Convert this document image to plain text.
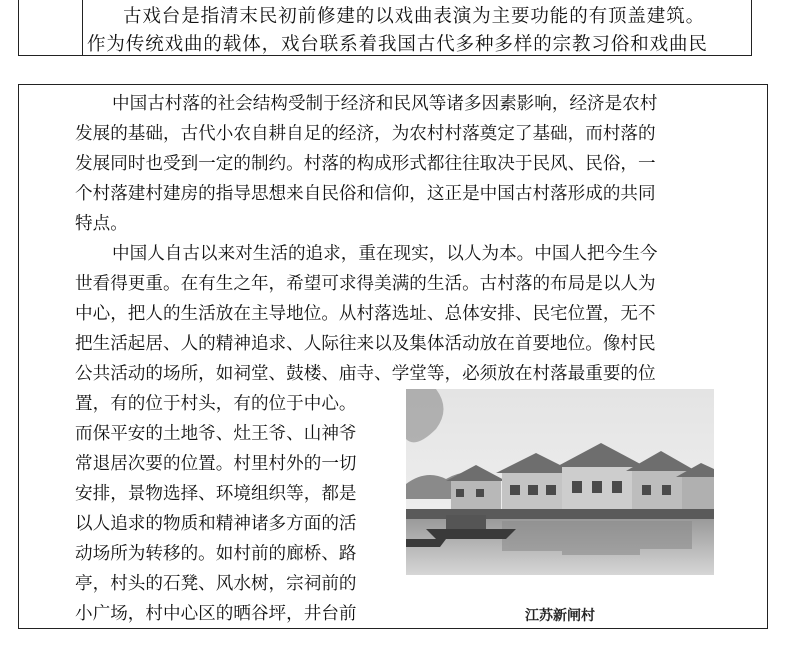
古戏台是指清末民初前修建的以戏曲表演为主要功能的有顶盖建筑。
作为传统戏曲的载体，戏台联系着我国古代多种多样的宗教习俗和戏曲民
中国古村落的社会结构受制于经济和民风等诸多因素影响，经济是农村
发展的基础，古代小农自耕自足的经济，为农村村落奠定了基础，而村落的
发展同时也受到一定的制约。村落的构成形式都往往取决于民风、民俗，一
个村落建村建房的指导思想来自民俗和信仰，这正是中国古村落形成的共同
特点。
中国人自古以来对生活的追求，重在现实，以人为本。中国人把今生今
世看得更重。在有生之年，希望可求得美满的生活。古村落的布局是以人为
中心，把人的生活放在主导地位。从村落选址、总体安排、民宅位置，无不
把生活起居、人的精神追求、人际往来以及集体活动放在首要地位。像村民
公共活动的场所，如祠堂、鼓楼、庙寺、学堂等，必须放在村落最重要的位
置，有的位于村头，有的位于中心。
而保平安的土地爷、灶王爷、山神爷
常退居次要的位置。村里村外的一切
安排，景物选择、环境组织等，都是
以人追求的物质和精神诸多方面的活
动场所为转移的。如村前的廊桥、路
亭，村头的石凳、风水树，宗祠前的
小广场，村中心区的晒谷坪，井台前	江苏新闸村
